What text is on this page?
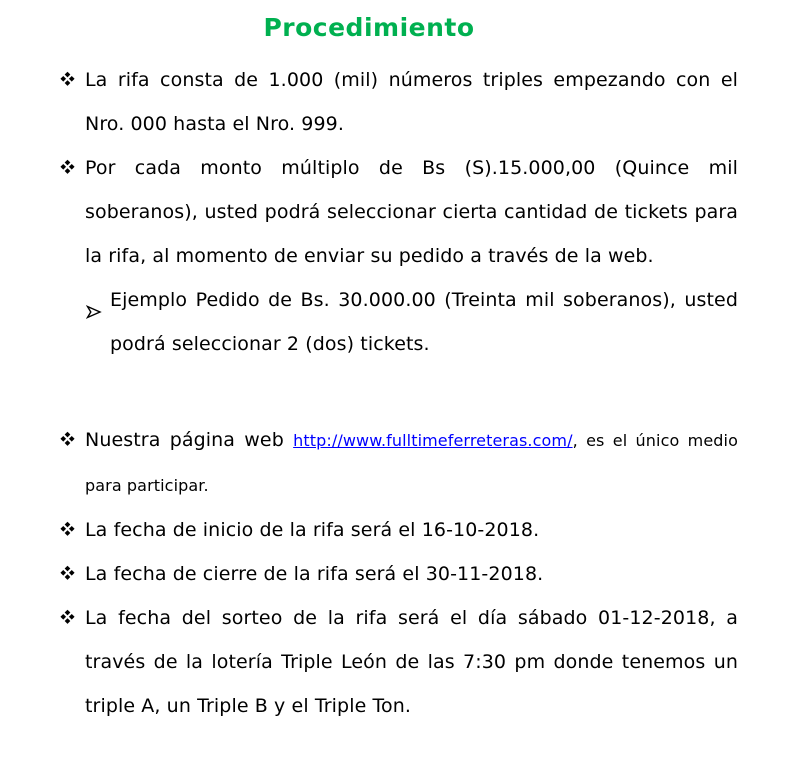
Procedimiento
La rifa consta de 1.000 (mil) números triples empezando con el Nro. 000 hasta el Nro. 999.
Por cada monto múltiplo de Bs (S).15.000,00 (Quince mil soberanos), usted podrá seleccionar cierta cantidad de tickets para la rifa, al momento de enviar su pedido a través de la web.
Ejemplo Pedido de Bs. 30.000.00 (Treinta mil soberanos), usted podrá seleccionar 2 (dos) tickets.
Nuestra página web http://www.fulltimeferreteras.com/, es el único medio para participar.
La fecha de inicio de la rifa será el 16-10-2018.
La fecha de cierre de la rifa será el 30-11-2018.
La fecha del sorteo de la rifa será el día sábado 01-12-2018, a través de la lotería Triple León de las 7:30 pm donde tenemos un triple A, un Triple B y el Triple Ton.
